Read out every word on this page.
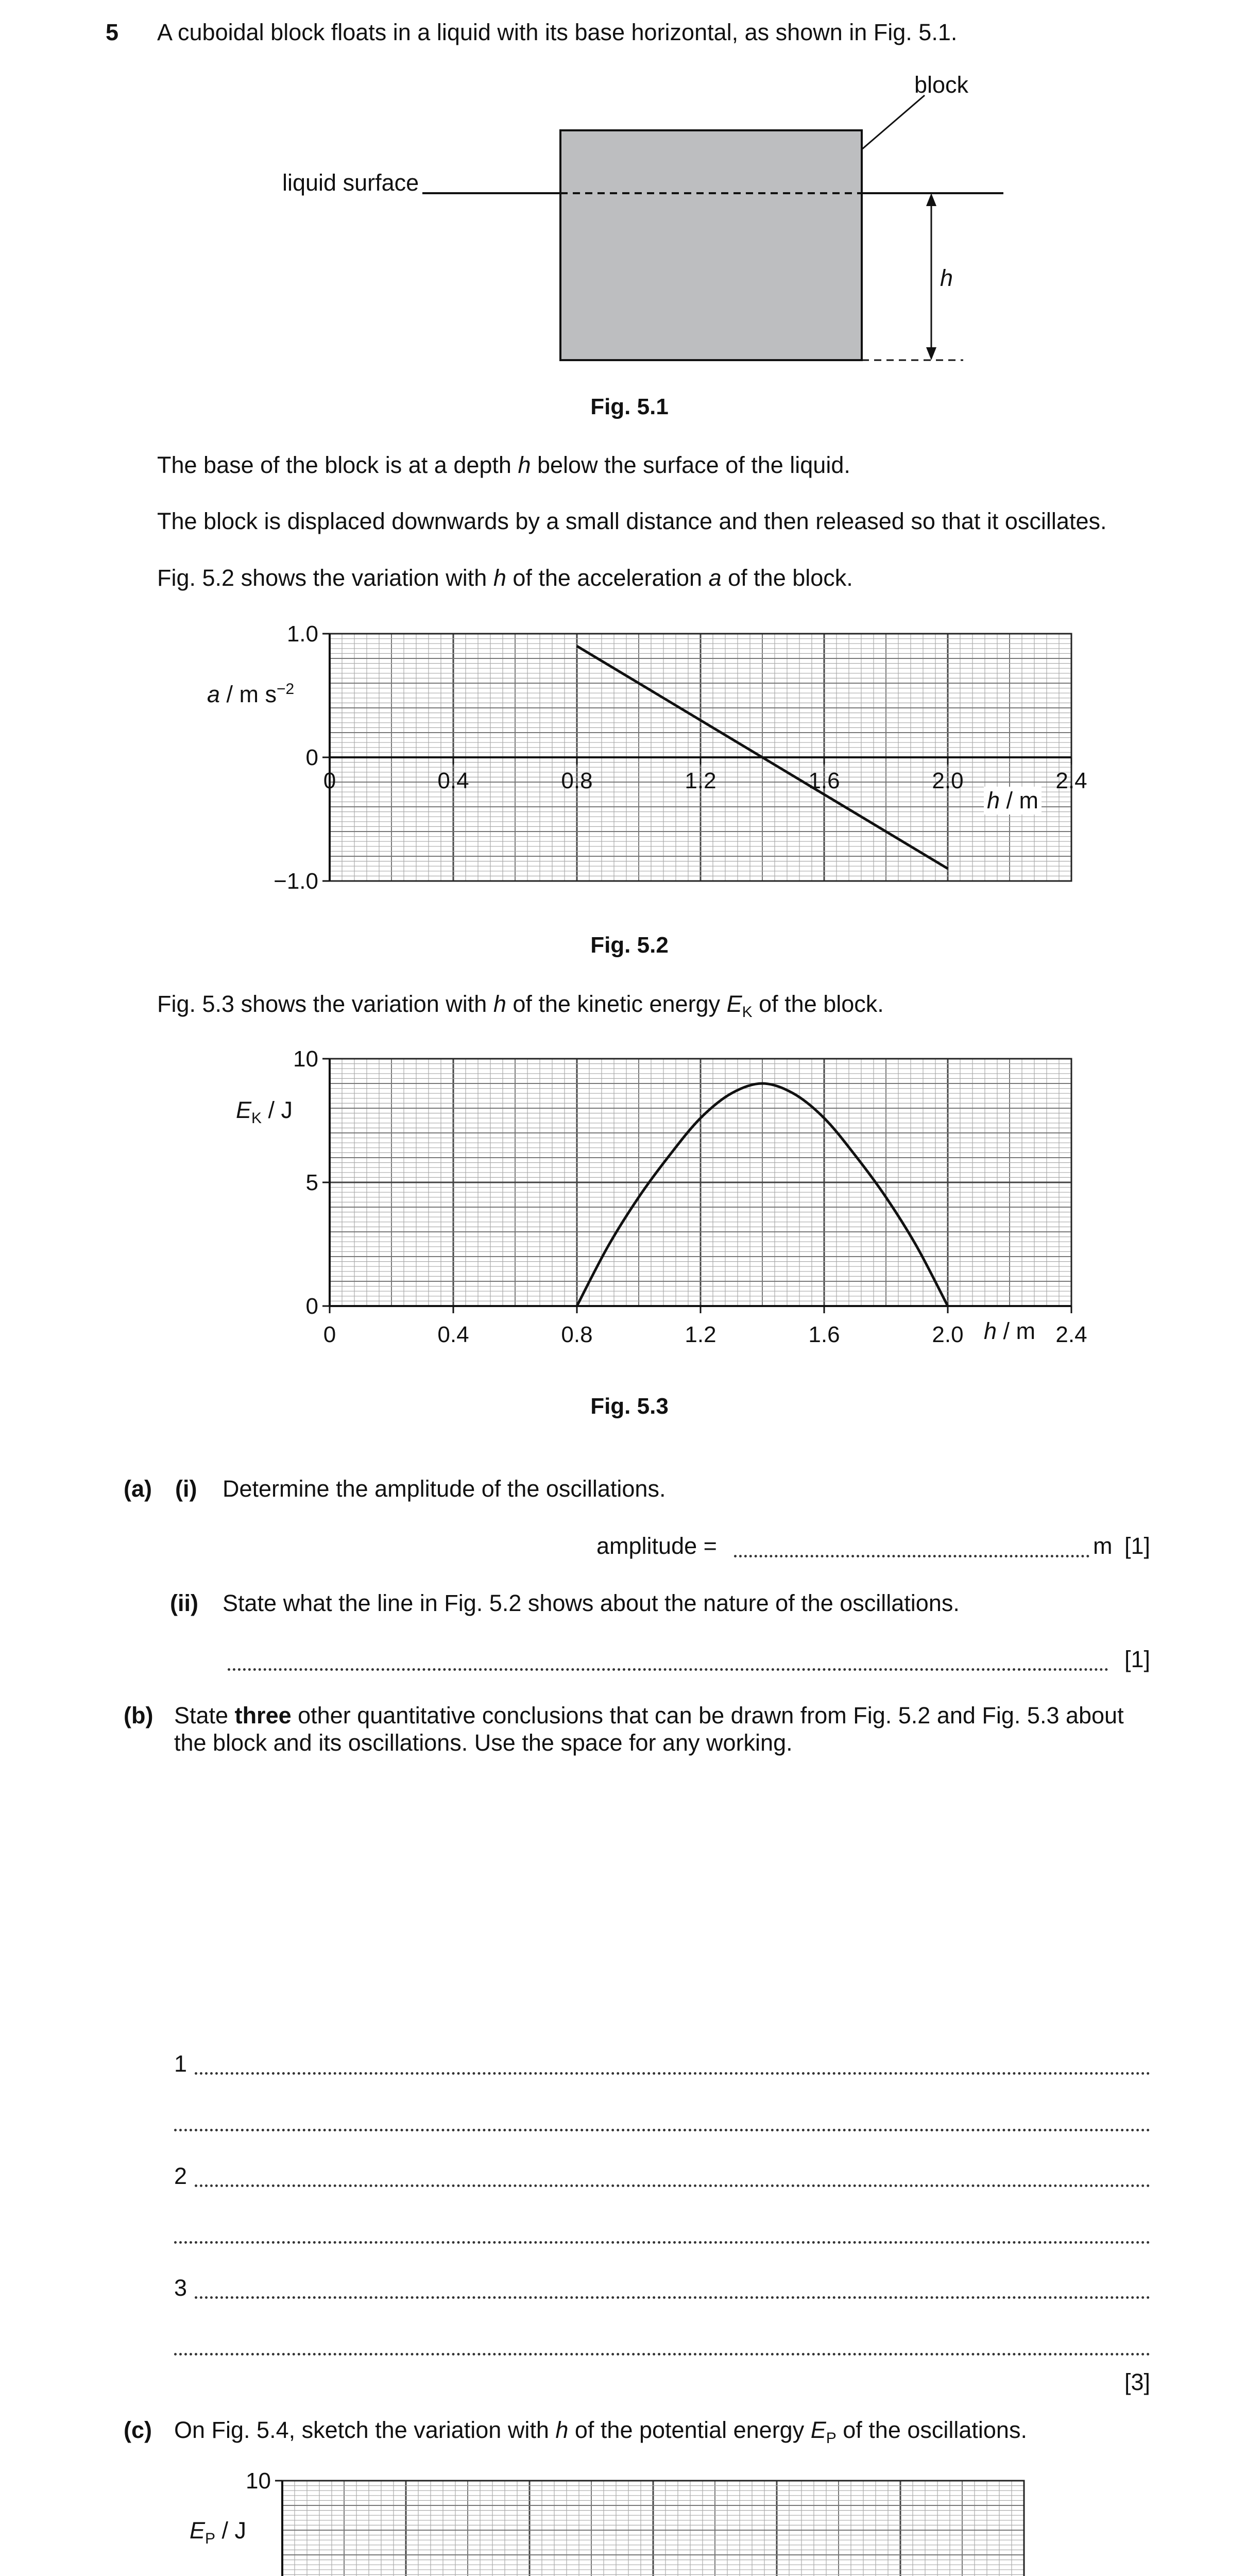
5 A cuboidal block floats in a liquid with its base horizontal, as shown in Fig. 5.1.
block
liquid surface
h
Fig. 5.1
The base of the block is at a depth h below the surface of the liquid.
The block is displaced downwards by a small distance and then released so that it oscillates.
Fig. 5.2 shows the variation with h of the acceleration a of the block.
0	0.4	0.8	1.2	1.6	2.0	2.4
1.0
0
−1.0
a / m $s^{-2}$
h / m
Fig. 5.2
Fig. 5.3 shows the variation with h of the kinetic energy $E_K$ of the block.
0	0.4	0.8	1.2	1.6	2.0	2.4
10
5
0
$E_K$ / J
h / m
Fig. 5.3
(a) (i) Determine the amplitude of the oscillations.
amplitude =	m [1]
(ii) State what the line in Fig. 5.2 shows about the nature of the oscillations.
[1]
(b) State three other quantitative conclusions that can be drawn from Fig. 5.2 and Fig. 5.3 about
the block and its oscillations. Use the space for any working.
1
2
3
[3]
(c) On Fig. 5.4, sketch the variation with h of the potential energy $E_P$ of the oscillations.
10
$E_P$ / J
